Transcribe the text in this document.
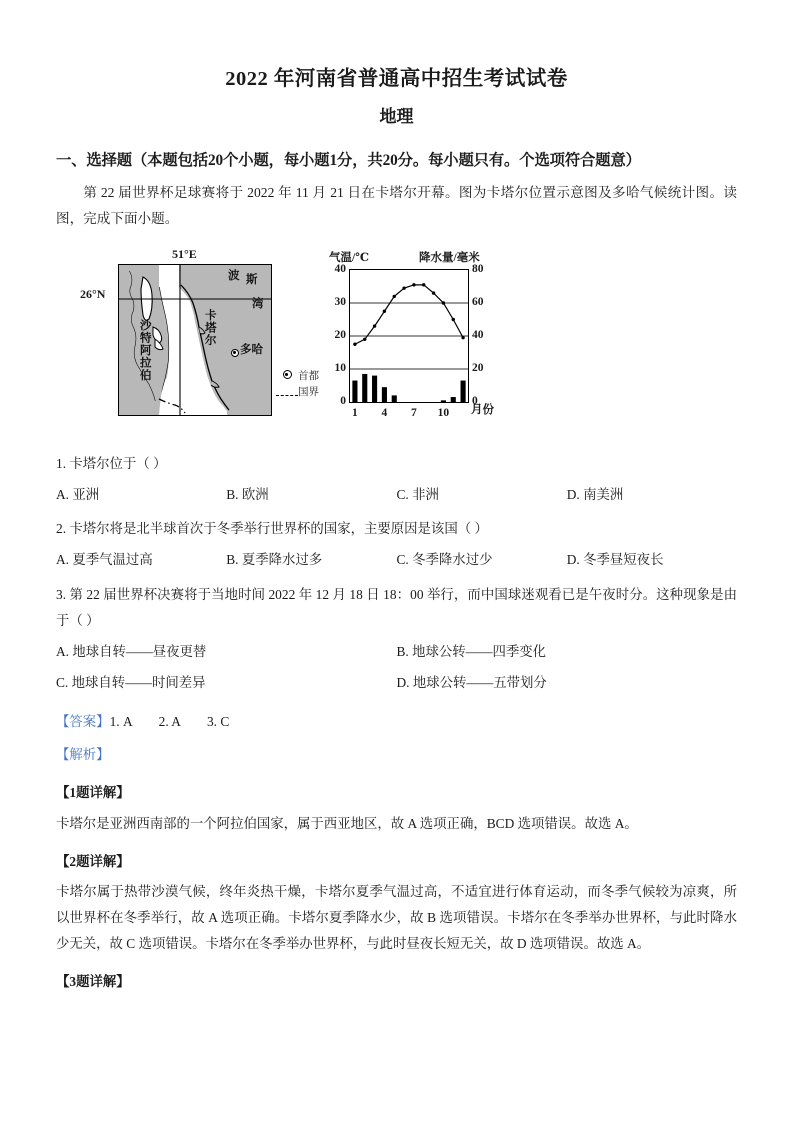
2022 年河南省普通高中招生考试试卷
地理
一、选择题（本题包括20个小题，每小题1分，共20分。每小题只有。个选项符合题意）
第 22 届世界杯足球赛将于 2022 年 11 月 21 日在卡塔尔开幕。图为卡塔尔位置示意图及多哈气候统计图。读图，完成下面小题。
51°E
26°N
波 斯
湾
卡塔尔
沙特阿拉伯	多哈
首都
国界
气温/℃	降水量/毫米
0
10
20
30
40
0
20
40
60
80
1 4 7 10 月份
1. 卡塔尔位于（ ）
A. 亚洲	B. 欧洲	C. 非洲	D. 南美洲
2. 卡塔尔将是北半球首次于冬季举行世界杯的国家，主要原因是该国（ ）
A. 夏季气温过高	B. 夏季降水过多	C. 冬季降水过少	D. 冬季昼短夜长
3. 第 22 届世界杯决赛将于当地时间 2022 年 12 月 18 日 18：00 举行，而中国球迷观看已是午夜时分。这种现象是由于（ ）
A. 地球自转——昼夜更替	B. 地球公转——四季变化
C. 地球自转——时间差异	D. 地球公转——五带划分
【答案】1. A 2. A 3. C
【解析】
【1题详解】
卡塔尔是亚洲西南部的一个阿拉伯国家，属于西亚地区，故 A 选项正确，BCD 选项错误。故选 A。
【2题详解】
卡塔尔属于热带沙漠气候，终年炎热干燥，卡塔尔夏季气温过高，不适宜进行体育运动，而冬季气候较为凉爽，所以世界杯在冬季举行，故 A 选项正确。卡塔尔夏季降水少，故 B 选项错误。卡塔尔在冬季举办世界杯，与此时降水少无关，故 C 选项错误。卡塔尔在冬季举办世界杯，与此时昼夜长短无关，故 D 选项错误。故选 A。
【3题详解】
